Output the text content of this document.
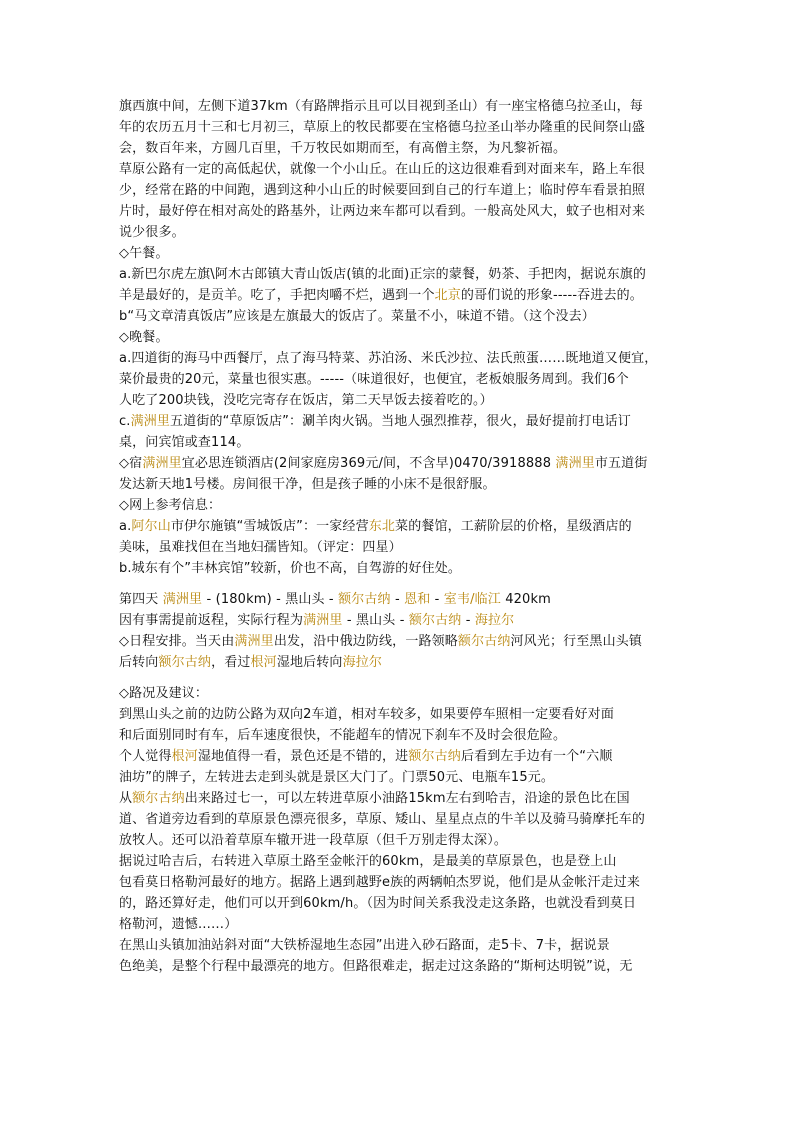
旗西旗中间，左侧下道37km（有路牌指示且可以目视到圣山）有一座宝格德乌拉圣山，每
年的农历五月十三和七月初三，草原上的牧民都要在宝格德乌拉圣山举办隆重的民间祭山盛
会，数百年来，方圆几百里，千万牧民如期而至，有高僧主祭，为凡黎祈福。
草原公路有一定的高低起伏，就像一个小山丘。在山丘的这边很难看到对面来车，路上车很
少，经常在路的中间跑，遇到这种小山丘的时候要回到自己的行车道上；临时停车看景拍照
片时，最好停在相对高处的路基外，让两边来车都可以看到。一般高处风大，蚊子也相对来
说少很多。
◇午餐。
a.新巴尔虎左旗\阿木古郎镇大青山饭店(镇的北面)正宗的蒙餐，奶茶、手把肉，据说东旗的
羊是最好的，是贡羊。吃了，手把肉嚼不烂，遇到一个北京的哥们说的形象-----吞进去的。
b“马文章清真饭店”应该是左旗最大的饭店了。菜量不小，味道不错。（这个没去）
◇晚餐。
a.四道街的海马中西餐厅，点了海马特菜、苏泊汤、米氏沙拉、法氏煎蛋……既地道又便宜，
菜价最贵的20元，菜量也很实惠。-----（味道很好，也便宜，老板娘服务周到。我们6个
人吃了200块钱，没吃完寄存在饭店，第二天早饭去接着吃的。）
c.满洲里五道街的“草原饭店”：涮羊肉火锅。当地人强烈推荐，很火，最好提前打电话订
桌，问宾馆或查114。
◇宿满洲里宜必思连锁酒店(2间家庭房369元/间，不含早)0470/3918888 满洲里市五道街
发达新天地1号楼。房间很干净，但是孩子睡的小床不是很舒服。
◇网上参考信息：
a.阿尔山市伊尔施镇“雪城饭店”：一家经营东北菜的餐馆，工薪阶层的价格，星级酒店的
美味，虽难找但在当地妇孺皆知。（评定：四星）
b.城东有个”丰林宾馆”较新，价也不高，自驾游的好住处。
第四天 满洲里 - (180km) - 黑山头 - 额尔古纳 - 恩和 - 室韦/临江 420km
因有事需提前返程，实际行程为满洲里 - 黑山头 - 额尔古纳 - 海拉尔
◇日程安排。当天由满洲里出发，沿中俄边防线，一路领略额尔古纳河风光；行至黑山头镇
后转向额尔古纳，看过根河湿地后转向海拉尔
◇路况及建议：
到黑山头之前的边防公路为双向2车道，相对车较多，如果要停车照相一定要看好对面
和后面别同时有车，后车速度很快，不能超车的情况下刹车不及时会很危险。
个人觉得根河湿地值得一看，景色还是不错的，进额尔古纳后看到左手边有一个“六顺
油坊”的牌子，左转进去走到头就是景区大门了。门票50元、电瓶车15元。
从额尔古纳出来路过七一，可以左转进草原小油路15km左右到哈吉，沿途的景色比在国
道、省道旁边看到的草原景色漂亮很多，草原、矮山、星星点点的牛羊以及骑马骑摩托车的
放牧人。还可以沿着草原车辙开进一段草原（但千万别走得太深）。
据说过哈吉后，右转进入草原土路至金帐汗的60km，是最美的草原景色，也是登上山
包看莫日格勒河最好的地方。据路上遇到越野e族的两辆帕杰罗说，他们是从金帐汗走过来
的，路还算好走，他们可以开到60km/h。（因为时间关系我没走这条路，也就没看到莫日
格勒河，遗憾……）
在黑山头镇加油站斜对面“大铁桥湿地生态园”出进入砂石路面，走5卡、7卡，据说景
色绝美，是整个行程中最漂亮的地方。但路很难走，据走过这条路的“斯柯达明锐”说，无
